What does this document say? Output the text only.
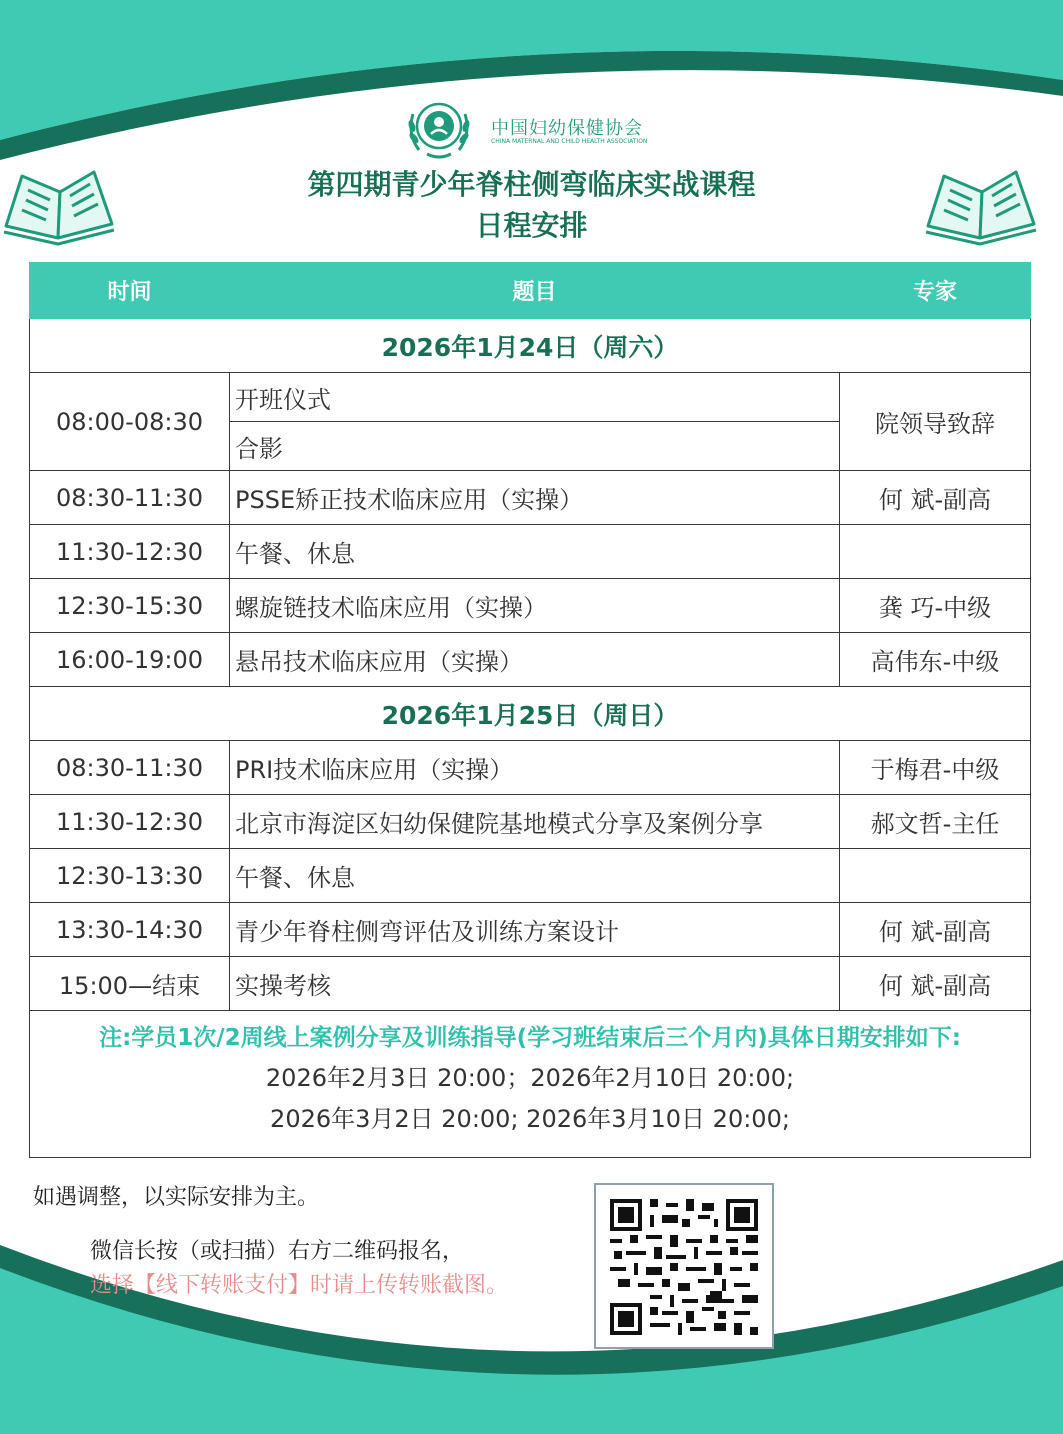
中国妇幼保健协会
CHINA MATERNAL AND CHILD HEALTH ASSOCIATION
第四期青少年脊柱侧弯临床实战课程
日程安排
时间	题目	专家
2026年1月24日（周六）		
08:00-08:30	开班仪式	院领导致辞
	合影	
08:30-11:30	PSSE矫正技术临床应用（实操）	何 斌-副高
11:30-12:30	午餐、休息	
12:30-15:30	螺旋链技术临床应用（实操）	龚 巧-中级
16:00-19:00	悬吊技术临床应用（实操）	高伟东-中级
2026年1月25日（周日）		
08:30-11:30	PRI技术临床应用（实操）	于梅君-中级
11:30-12:30	北京市海淀区妇幼保健院基地模式分享及案例分享	郝文哲-主任
12:30-13:30	午餐、休息	
13:30-14:30	青少年脊柱侧弯评估及训练方案设计	何 斌-副高
15:00—结束	实操考核	何 斌-副高

注:学员1次/2周线上案例分享及训练指导(学习班结束后三个月内)具体日期安排如下:
2026年2月3日 20:00；2026年2月10日 20:00;
2026年3月2日 20:00; 2026年3月10日 20:00;		
如遇调整，以实际安排为主。
微信长按（或扫描）右方二维码报名，
选择【线下转账支付】时请上传转账截图。
